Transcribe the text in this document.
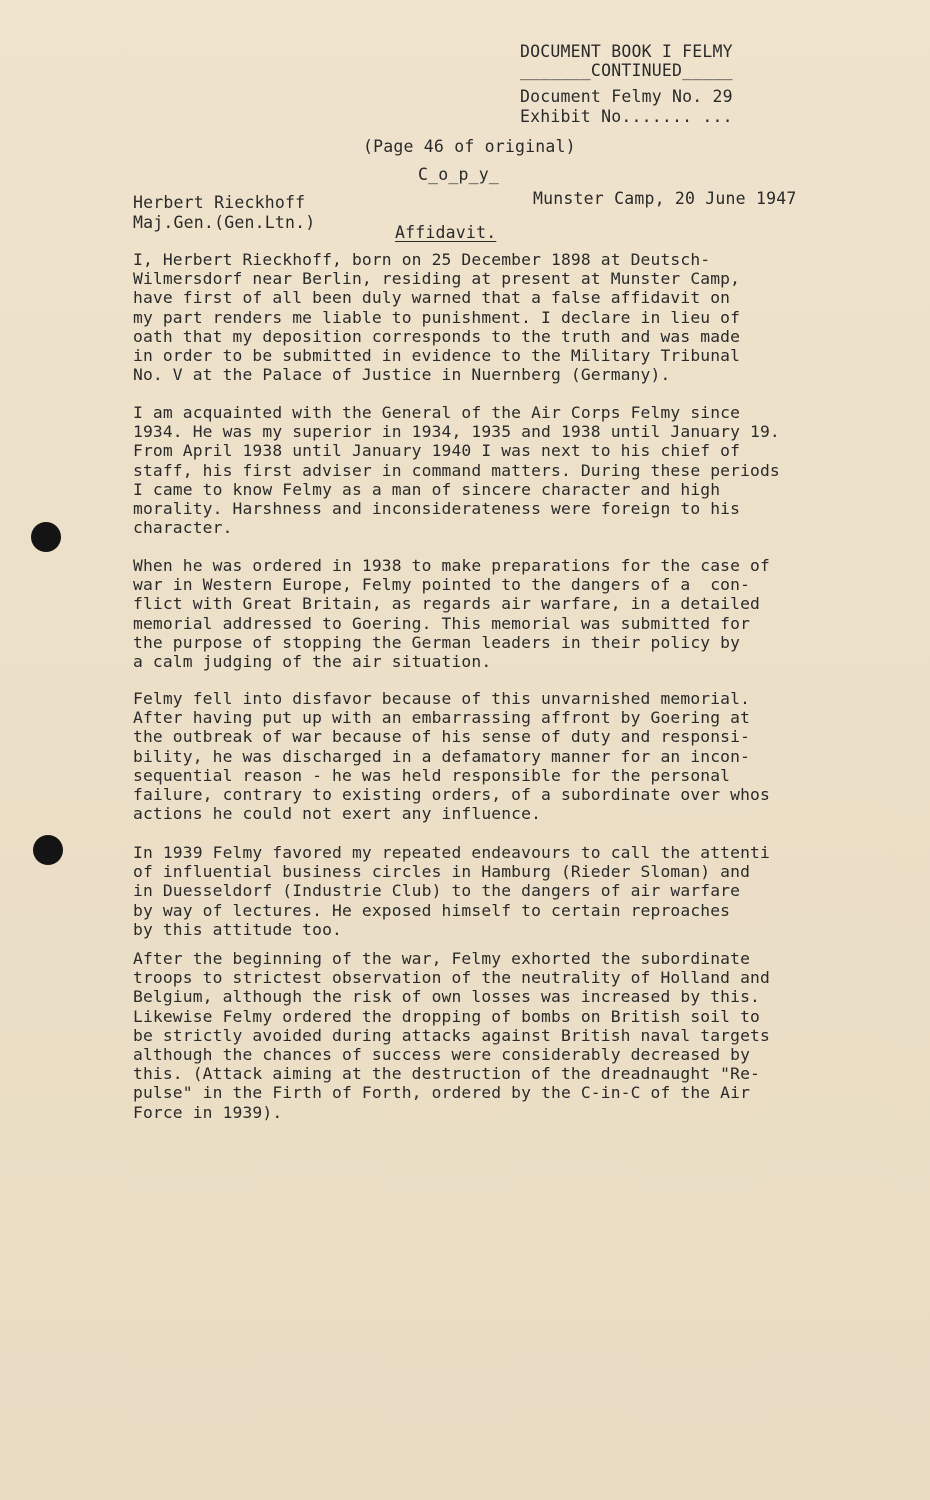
DOCUMENT BOOK I FELMY
_______CONTINUED_____
Document Felmy No. 29
Exhibit No....... ...
(Page 46 of original)
C_o_p_y_
Herbert Rieckhoff
Maj.Gen.(Gen.Ltn.)
Munster Camp, 20 June 1947
Affidavit.

I, Herbert Rieckhoff, born on 25 December 1898 at Deutsch-
Wilmersdorf near Berlin, residing at present at Munster Camp,
have first of all been duly warned that a false affidavit on
my part renders me liable to punishment. I declare in lieu of
oath that my deposition corresponds to the truth and was made
in order to be submitted in evidence to the Military Tribunal
No. V at the Palace of Justice in Nuernberg (Germany).

I am acquainted with the General of the Air Corps Felmy since
1934. He was my superior in 1934, 1935 and 1938 until January 19.
From April 1938 until January 1940 I was next to his chief of
staff, his first adviser in command matters. During these periods
I came to know Felmy as a man of sincere character and high
morality. Harshness and inconsiderateness were foreign to his
character.

When he was ordered in 1938 to make preparations for the case of
war in Western Europe, Felmy pointed to the dangers of a  con-
flict with Great Britain, as regards air warfare, in a detailed
memorial addressed to Goering. This memorial was submitted for
the purpose of stopping the German leaders in their policy by
a calm judging of the air situation.

Felmy fell into disfavor because of this unvarnished memorial.
After having put up with an embarrassing affront by Goering at
the outbreak of war because of his sense of duty and responsi-
bility, he was discharged in a defamatory manner for an incon-
sequential reason - he was held responsible for the personal
failure, contrary to existing orders, of a subordinate over whos
actions he could not exert any influence.

In 1939 Felmy favored my repeated endeavours to call the attenti
of influential business circles in Hamburg (Rieder Sloman) and
in Duesseldorf (Industrie Club) to the dangers of air warfare
by way of lectures. He exposed himself to certain reproaches
by this attitude too.

After the beginning of the war, Felmy exhorted the subordinate
troops to strictest observation of the neutrality of Holland and
Belgium, although the risk of own losses was increased by this.
Likewise Felmy ordered the dropping of bombs on British soil to
be strictly avoided during attacks against British naval targets
although the chances of success were considerably decreased by
this. (Attack aiming at the destruction of the dreadnaught "Re-
pulse" in the Firth of Forth, ordered by the C-in-C of the Air
Force in 1939).
